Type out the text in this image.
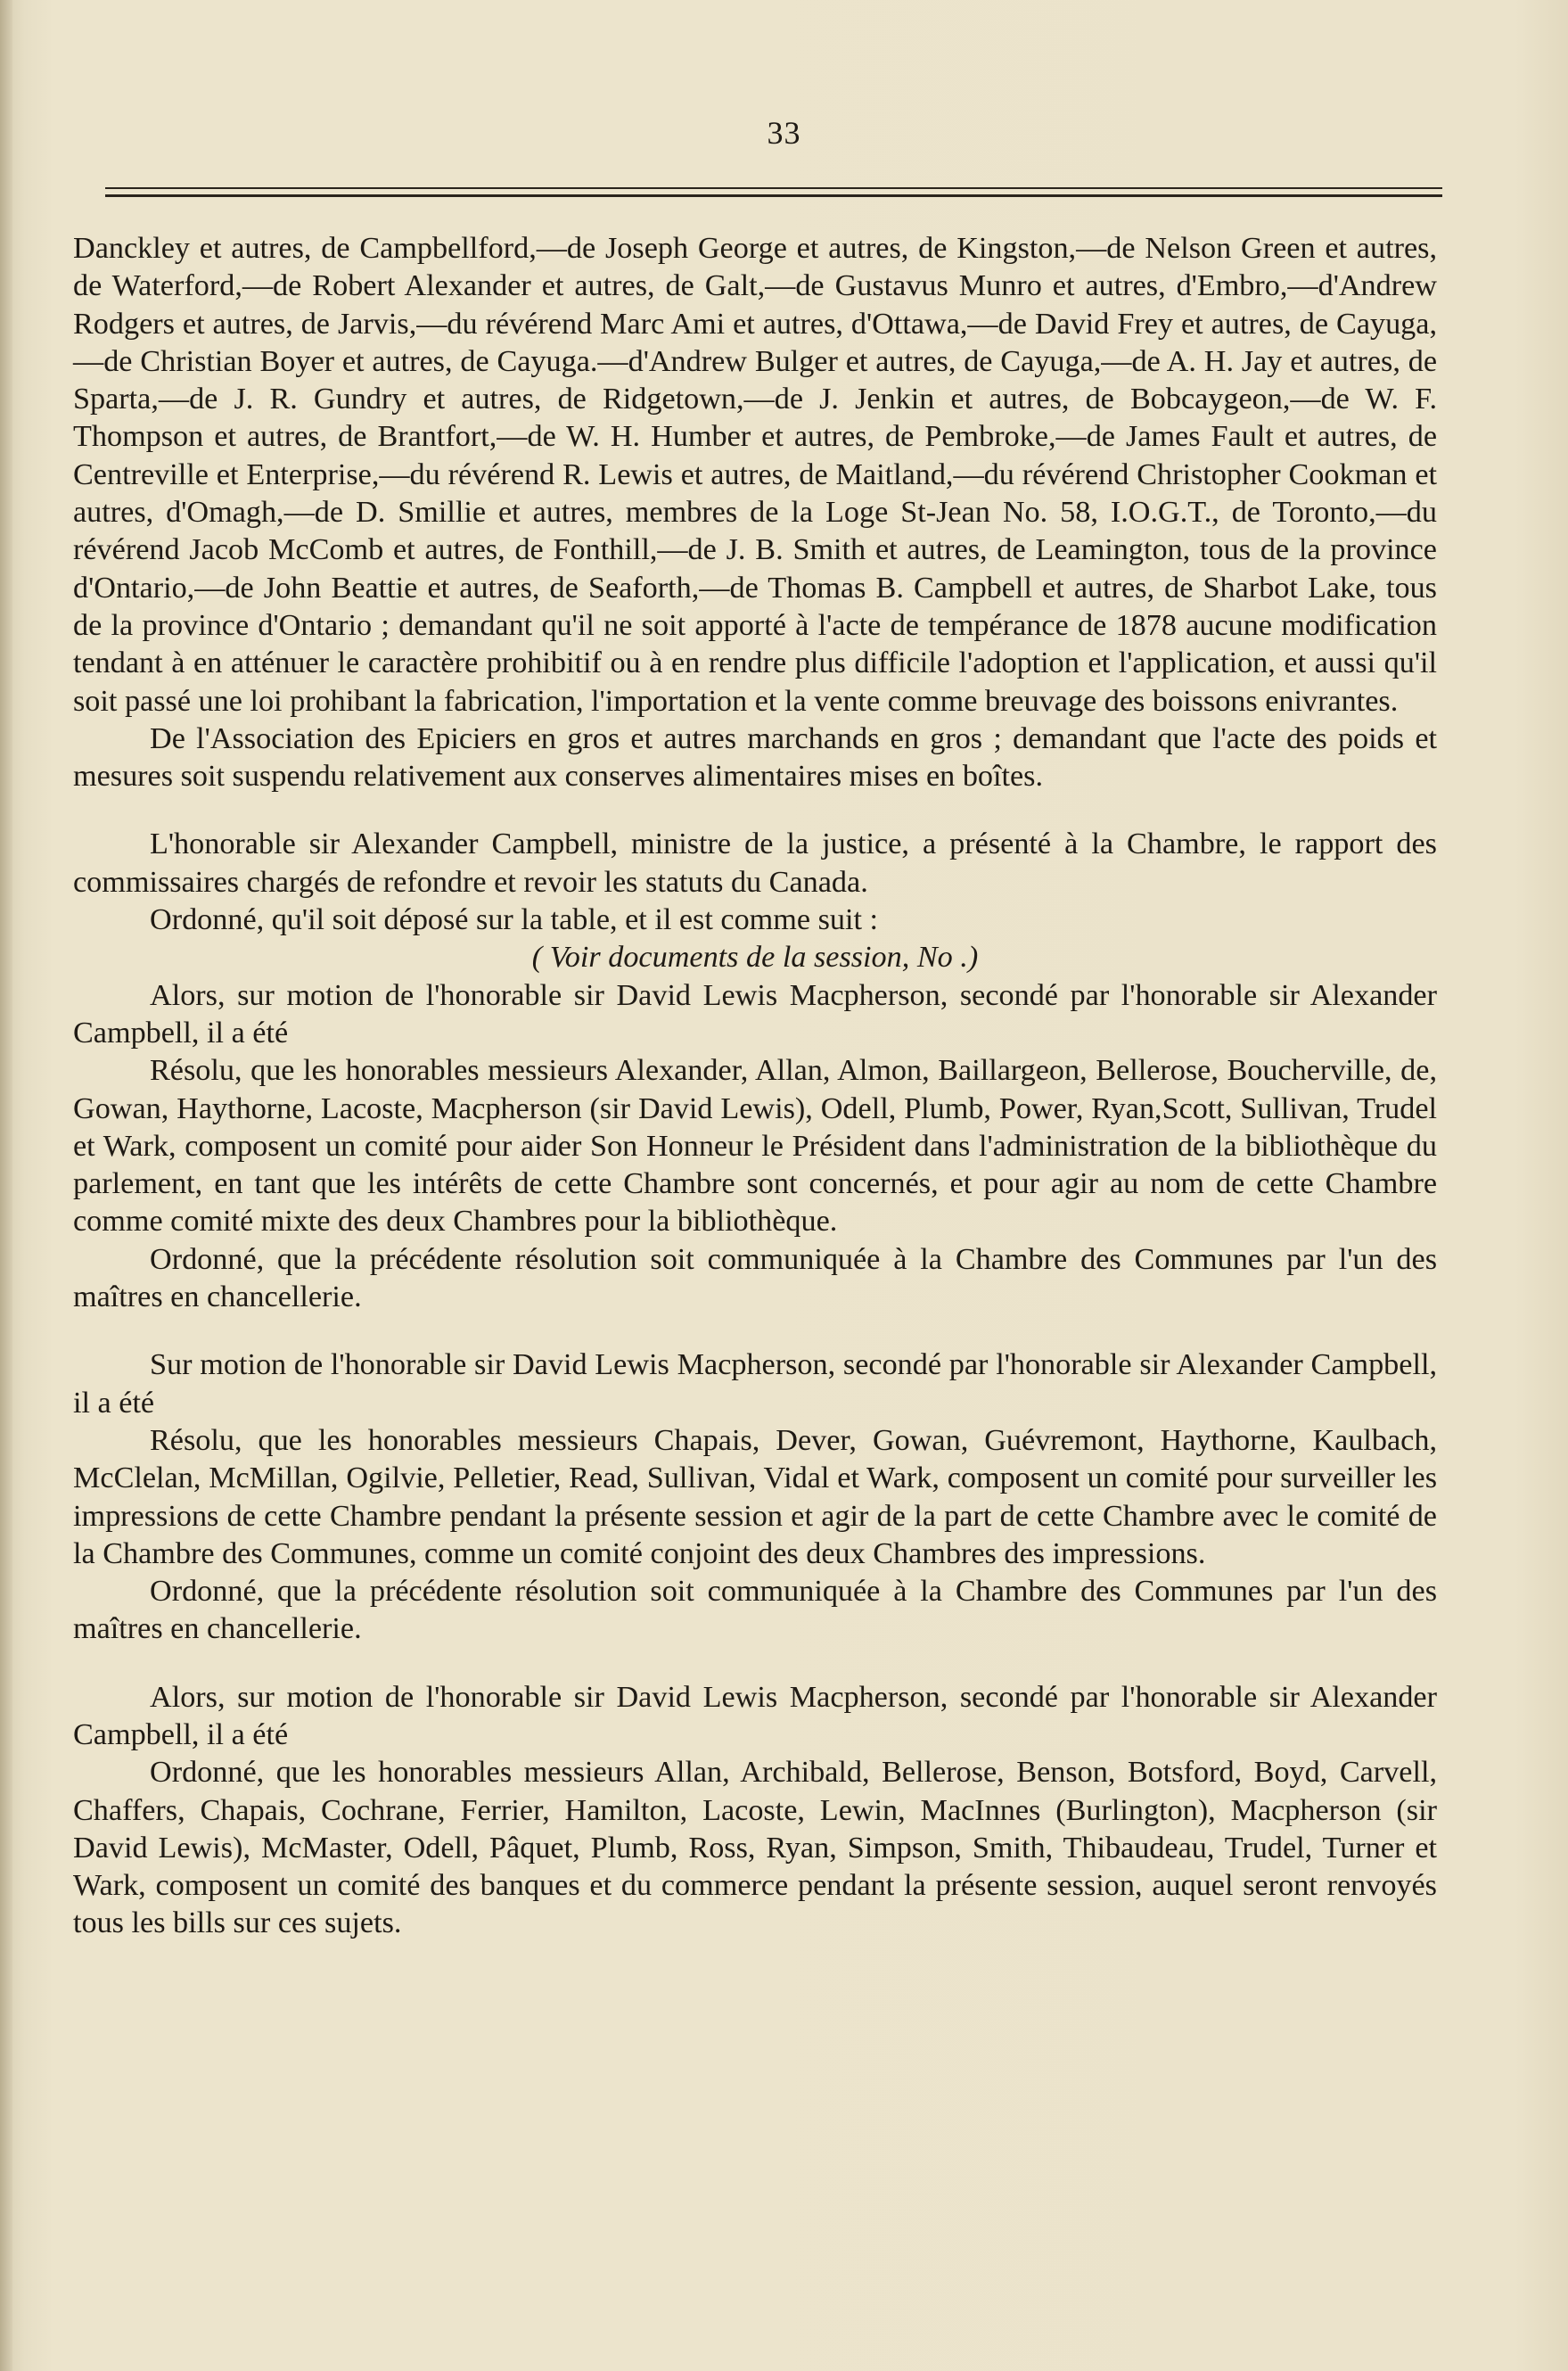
33

Danckley et autres, de Campbellford,—de Joseph George et autres, de Kingston,—de Nelson Green et autres, de Waterford,—de Robert Alexander et autres, de Galt,—de Gustavus Munro et autres, d'Embro,—d'Andrew Rodgers et autres, de Jarvis,—du révérend Marc Ami et autres, d'Ottawa,—de David Frey et autres, de Cayuga,—de Christian Boyer et autres, de Cayuga.—d'Andrew Bulger et autres, de Cayuga,—de A. H. Jay et autres, de Sparta,—de J. R. Gundry et autres, de Ridgetown,—de J. Jenkin et autres, de Bobcaygeon,—de W. F. Thompson et autres, de Brantfort,—de W. H. Humber et autres, de Pembroke,—de James Fault et autres, de Centreville et Enterprise,—du révérend R. Lewis et autres, de Maitland,—du révérend Christopher Cookman et autres, d'Omagh,—de D. Smillie et autres, membres de la Loge St-Jean No. 58, I.O.G.T., de Toronto,—du révérend Jacob McComb et autres, de Fonthill,—de J. B. Smith et autres, de Leamington, tous de la province d'Ontario,—de John Beattie et autres, de Seaforth,—de Thomas B. Campbell et autres, de Sharbot Lake, tous de la province d'Ontario ; demandant qu'il ne soit apporté à l'acte de tempérance de 1878 aucune modification tendant à en atténuer le caractère prohibitif ou à en rendre plus difficile l'adoption et l'application, et aussi qu'il soit passé une loi prohibant la fabrication, l'importation et la vente comme breuvage des boissons enivrantes.

De l'Association des Epiciers en gros et autres marchands en gros ; demandant que l'acte des poids et mesures soit suspendu relativement aux conserves alimentaires mises en boîtes.

L'honorable sir Alexander Campbell, ministre de la justice, a présenté à la Chambre, le rapport des commissaires chargés de refondre et revoir les statuts du Canada.

Ordonné, qu'il soit déposé sur la table, et il est comme suit :

( Voir documents de la session, No .)

Alors, sur motion de l'honorable sir David Lewis Macpherson, secondé par l'honorable sir Alexander Campbell, il a été

Résolu, que les honorables messieurs Alexander, Allan, Almon, Baillargeon, Bellerose, Boucherville, de, Gowan, Haythorne, Lacoste, Macpherson (sir David Lewis), Odell, Plumb, Power, Ryan,Scott, Sullivan, Trudel et Wark, composent un comité pour aider Son Honneur le Président dans l'administration de la bibliothèque du parlement, en tant que les intérêts de cette Chambre sont concernés, et pour agir au nom de cette Chambre comme comité mixte des deux Chambres pour la bibliothèque.

Ordonné, que la précédente résolution soit communiquée à la Chambre des Communes par l'un des maîtres en chancellerie.

Sur motion de l'honorable sir David Lewis Macpherson, secondé par l'honorable sir Alexander Campbell, il a été

Résolu, que les honorables messieurs Chapais, Dever, Gowan, Guévremont, Haythorne, Kaulbach, McClelan, McMillan, Ogilvie, Pelletier, Read, Sullivan, Vidal et Wark, composent un comité pour surveiller les impressions de cette Chambre pendant la présente session et agir de la part de cette Chambre avec le comité de la Chambre des Communes, comme un comité conjoint des deux Chambres des impressions.

Ordonné, que la précédente résolution soit communiquée à la Chambre des Communes par l'un des maîtres en chancellerie.

Alors, sur motion de l'honorable sir David Lewis Macpherson, secondé par l'honorable sir Alexander Campbell, il a été

Ordonné, que les honorables messieurs Allan, Archibald, Bellerose, Benson, Botsford, Boyd, Carvell, Chaffers, Chapais, Cochrane, Ferrier, Hamilton, Lacoste, Lewin, MacInnes (Burlington), Macpherson (sir David Lewis), McMaster, Odell, Pâquet, Plumb, Ross, Ryan, Simpson, Smith, Thibaudeau, Trudel, Turner et Wark, composent un comité des banques et du commerce pendant la présente session, auquel seront renvoyés tous les bills sur ces sujets.
